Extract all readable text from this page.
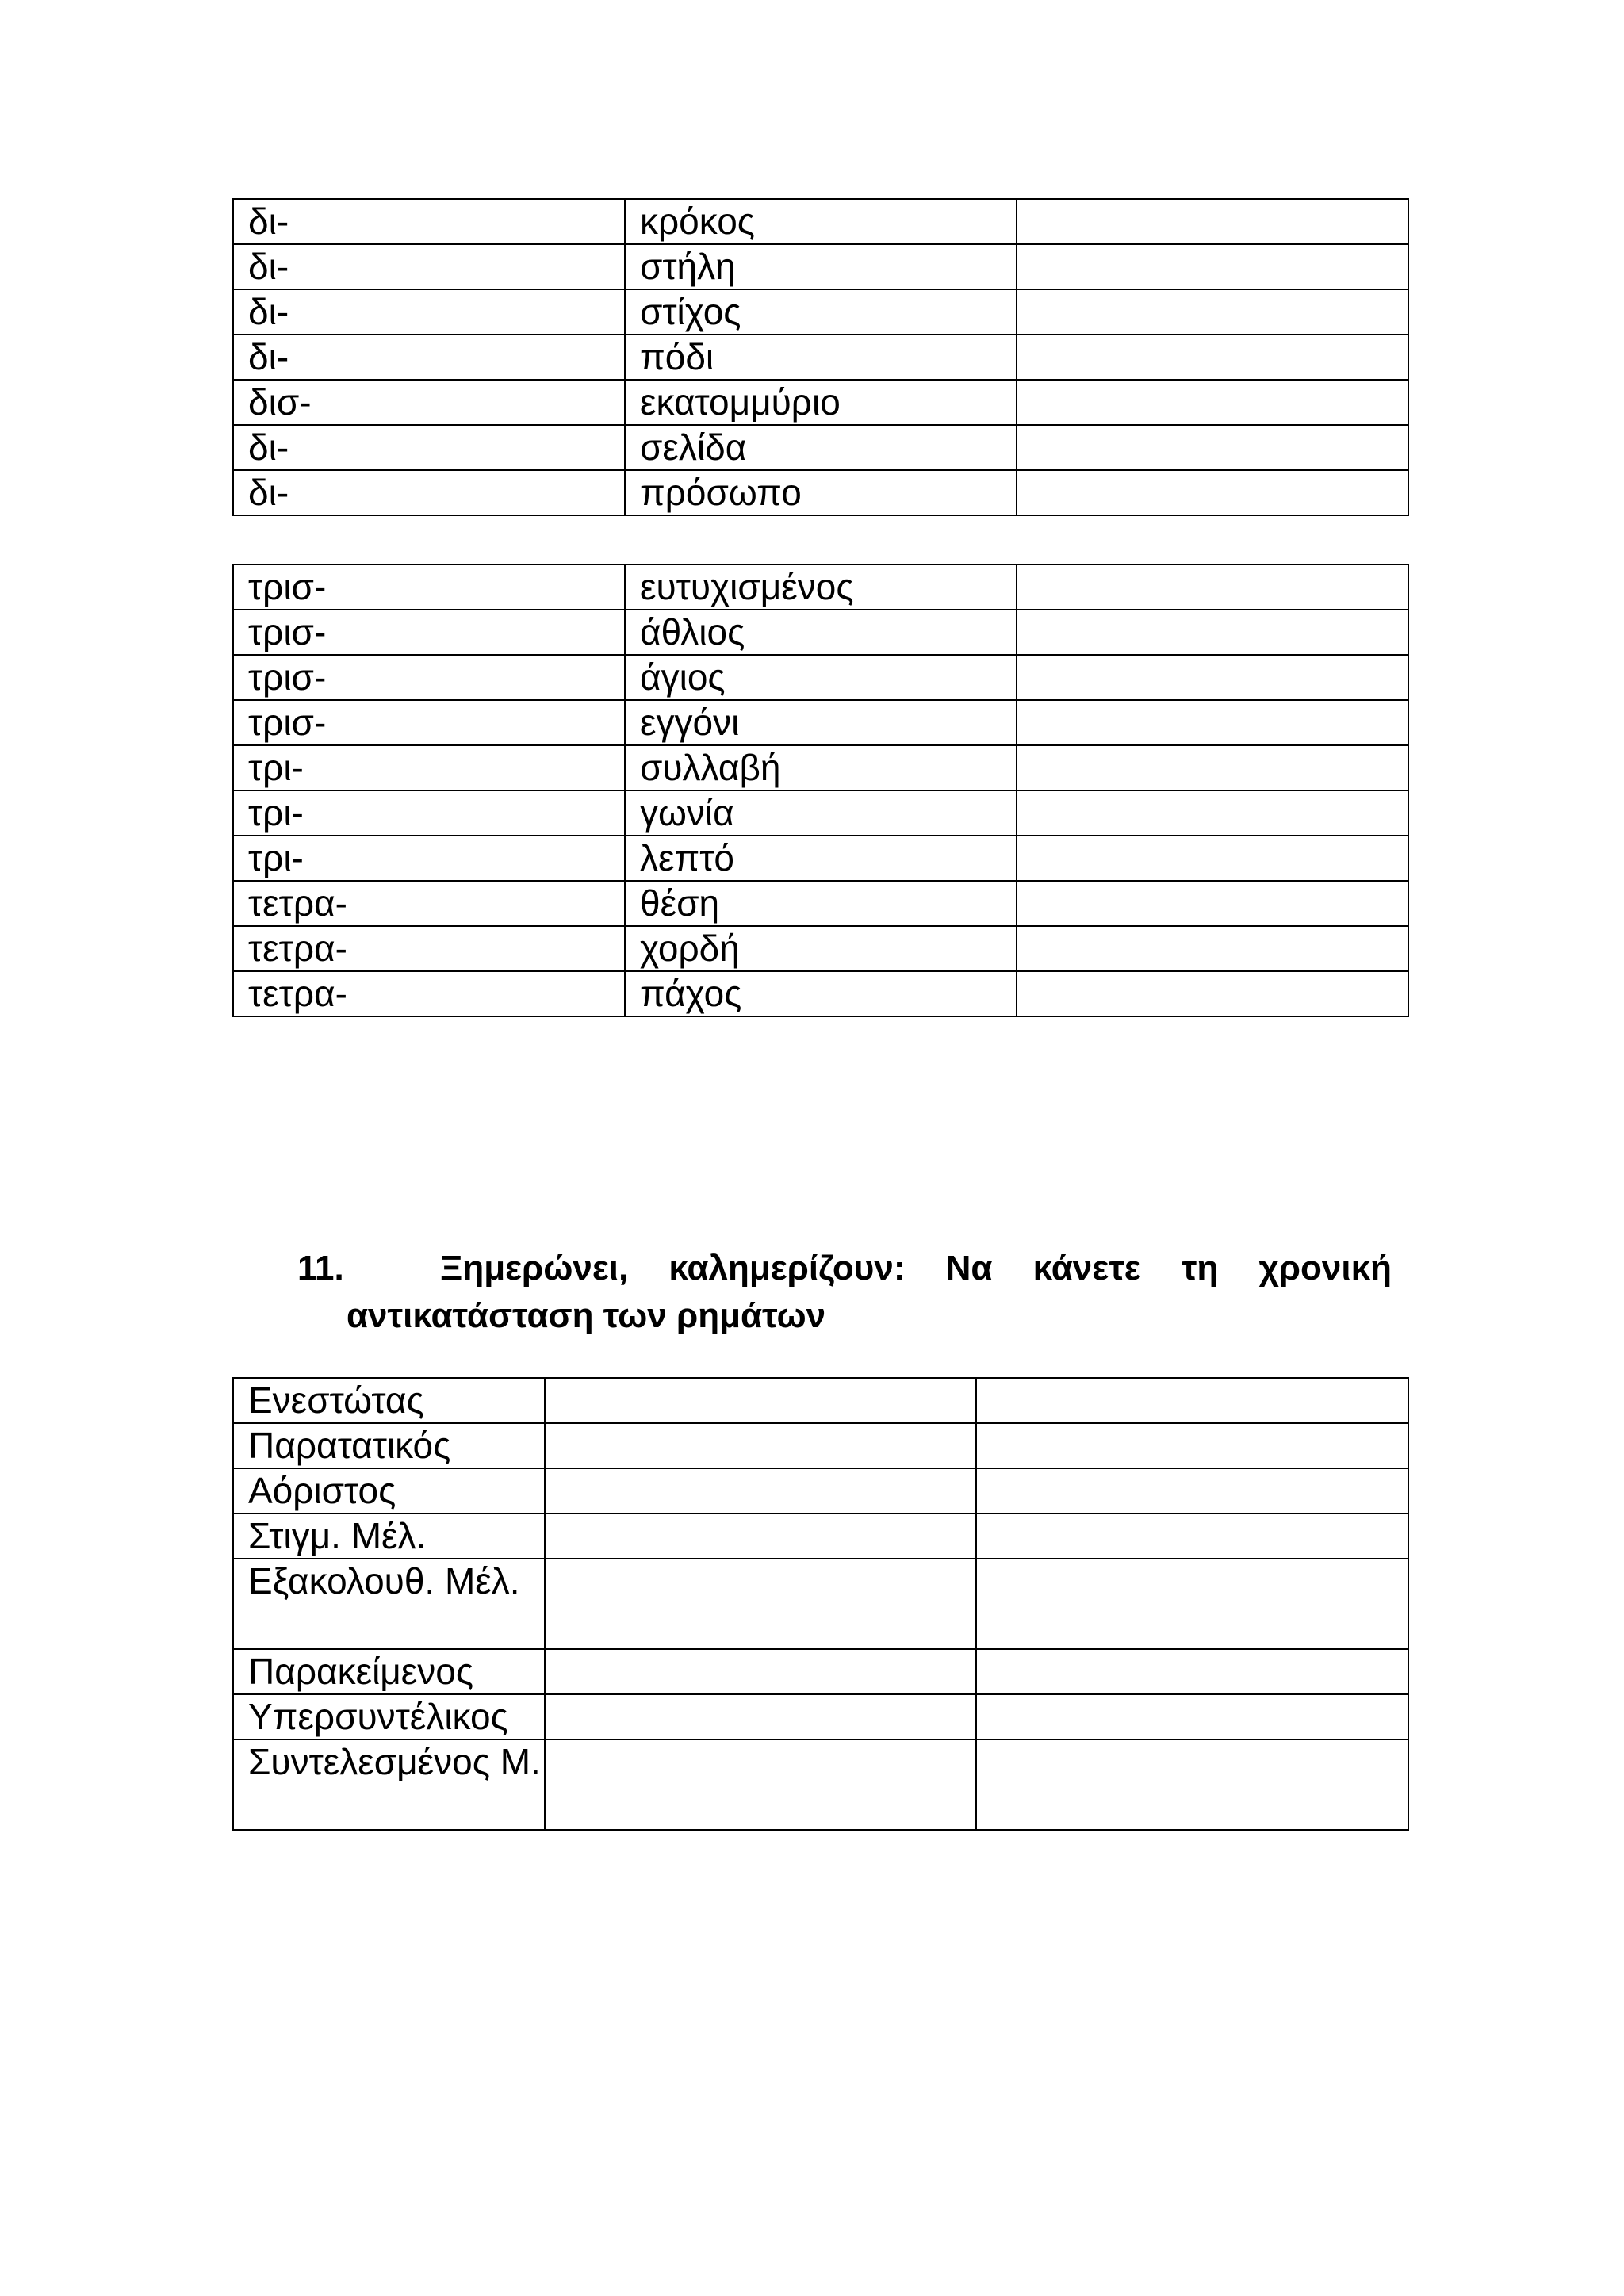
δι-	κρόκος	
δι-	στήλη	
δι-	στίχος	
δι-	πόδι	
δισ-	εκατομμύριο	
δι-	σελίδα	
δι-	πρόσωπο	
τρισ-	ευτυχισμένος	
τρισ-	άθλιος	
τρισ-	άγιος	
τρισ-	εγγόνι	
τρι-	συλλαβή	
τρι-	γωνία	
τρι-	λεπτό	
τετρα-	θέση	
τετρα-	χορδή	
τετρα-	πάχος	
11.	Ξημερώνει, καλημερίζουν: Να κάνετε τη χρονική
αντικατάσταση των ρημάτων
Ενεστώτας		
Παρατατικός		
Αόριστος		
Στιγμ. Μέλ.		
Εξακολουθ. Μέλ.		
Παρακείμενος		
Υπερσυντέλικος		
Συντελεσμένος Μ.		
